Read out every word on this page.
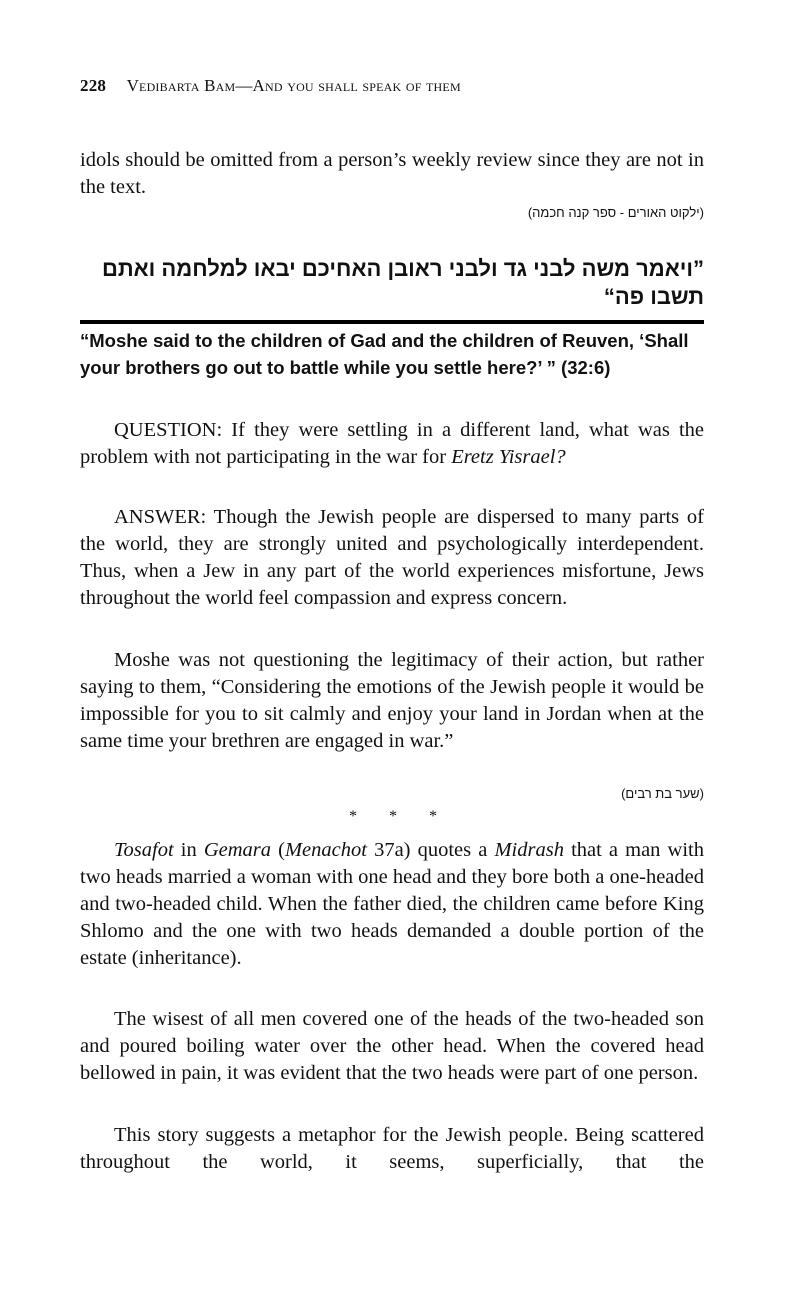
228 Vedibarta Bam—And you shall speak of them

idols should be omitted from a person’s weekly review since they are not in the text.

(ילקוט האורים - ספר קנה חכמה)
”ויאמר משה לבני גד ולבני ראובן האחיכם יבאו למלחמה ואתם תשבו פה“
“Moshe said to the children of Gad and the children of Reuven, ‘Shall your brothers go out to battle while you settle here?’ ” (32:6)

QUESTION: If they were settling in a different land, what was the problem with not participating in the war for Eretz Yisrael?

ANSWER: Though the Jewish people are dispersed to many parts of the world, they are strongly united and psychologically interdependent. Thus, when a Jew in any part of the world experiences misfortune, Jews throughout the world feel compassion and express concern.

Moshe was not questioning the legitimacy of their action, but rather saying to them, “Considering the emotions of the Jewish people it would be impossible for you to sit calmly and enjoy your land in Jordan when at the same time your brethren are engaged in war.”

(שער בת רבים)
* * *

Tosafot in Gemara (Menachot 37a) quotes a Midrash that a man with two heads married a woman with one head and they bore both a one-headed and two-headed child. When the father died, the children came before King Shlomo and the one with two heads demanded a double portion of the estate (inheritance).

The wisest of all men covered one of the heads of the two-headed son and poured boiling water over the other head. When the covered head bellowed in pain, it was evident that the two heads were part of one person.

This story suggests a metaphor for the Jewish people. Being scattered throughout the world, it seems, superficially, that the
